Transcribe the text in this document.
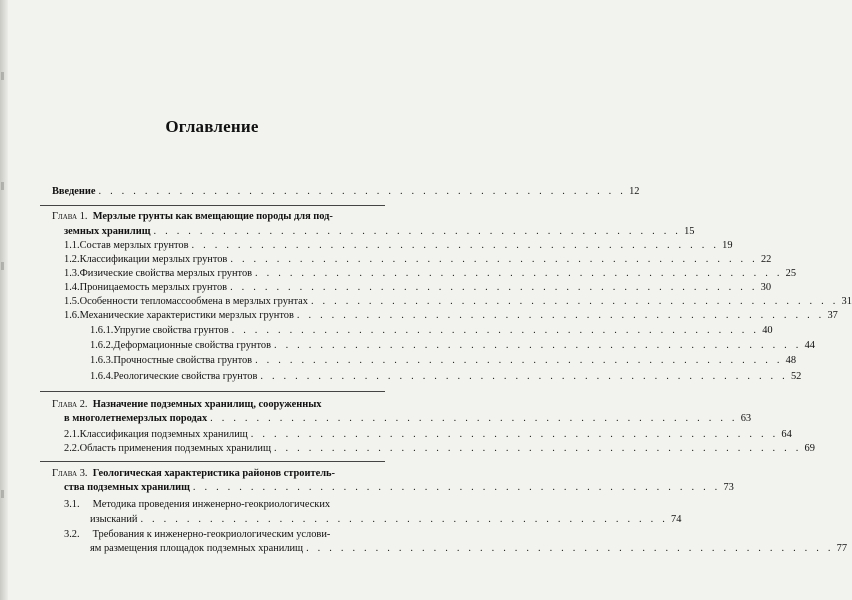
Оглавление
Введение . . . . . . . . . . . . . . . . . . . . . . . . . . . . . . . . . . . . . . . . . . . . . . 12
Глава 1. Мерзлые грунты как вмещающие породы для под-
земных хранилищ . . . . . . . . . . . . . . . . . . . . . . . . . . . . . . . . . . . . . . . . . . . . . . 15
1.1. Состав мерзлых грунтов . . . . . . . . . . . . . . . . . . . . . . . . . . . . . . . . . . . . . . . . . . . . . . 19
1.2. Классификации мерзлых грунтов . . . . . . . . . . . . . . . . . . . . . . . . . . . . . . . . . . . . . . . . . . . . . . 22
1.3. Физические свойства мерзлых грунтов . . . . . . . . . . . . . . . . . . . . . . . . . . . . . . . . . . . . . . . . . . . . . . 25
1.4. Проницаемость мерзлых грунтов . . . . . . . . . . . . . . . . . . . . . . . . . . . . . . . . . . . . . . . . . . . . . . 30
1.5. Особенности тепломассообмена в мерзлых грунтах . . . . . . . . . . . . . . . . . . . . . . . . . . . . . . . . . . . . . . . . . . . . . . 31
1.6. Механические характеристики мерзлых грунтов . . . . . . . . . . . . . . . . . . . . . . . . . . . . . . . . . . . . . . . . . . . . . . 37
1.6.1. Упругие свойства грунтов . . . . . . . . . . . . . . . . . . . . . . . . . . . . . . . . . . . . . . . . . . . . . . 40
1.6.2. Деформационные свойства грунтов . . . . . . . . . . . . . . . . . . . . . . . . . . . . . . . . . . . . . . . . . . . . . . 44
1.6.3. Прочностные свойства грунтов . . . . . . . . . . . . . . . . . . . . . . . . . . . . . . . . . . . . . . . . . . . . . . 48
1.6.4. Реологические свойства грунтов . . . . . . . . . . . . . . . . . . . . . . . . . . . . . . . . . . . . . . . . . . . . . . 52
Глава 2. Назначение подземных хранилищ, сооруженных
в многолетнемерзлых породах . . . . . . . . . . . . . . . . . . . . . . . . . . . . . . . . . . . . . . . . . . . . . . 63
2.1. Классификация подземных хранилищ . . . . . . . . . . . . . . . . . . . . . . . . . . . . . . . . . . . . . . . . . . . . . . 64
2.2. Область применения подземных хранилищ . . . . . . . . . . . . . . . . . . . . . . . . . . . . . . . . . . . . . . . . . . . . . . 69
Глава 3. Геологическая характеристика районов строитель-
ства подземных хранилищ . . . . . . . . . . . . . . . . . . . . . . . . . . . . . . . . . . . . . . . . . . . . . . 73
3.1. Методика проведения инженерно-геокриологических
изысканий . . . . . . . . . . . . . . . . . . . . . . . . . . . . . . . . . . . . . . . . . . . . . . 74
3.2. Требования к инженерно-геокриологическим услови-
ям размещения площадок подземных хранилищ . . . . . . . . . . . . . . . . . . . . . . . . . . . . . . . . . . . . . . . . . . . . . . 77
